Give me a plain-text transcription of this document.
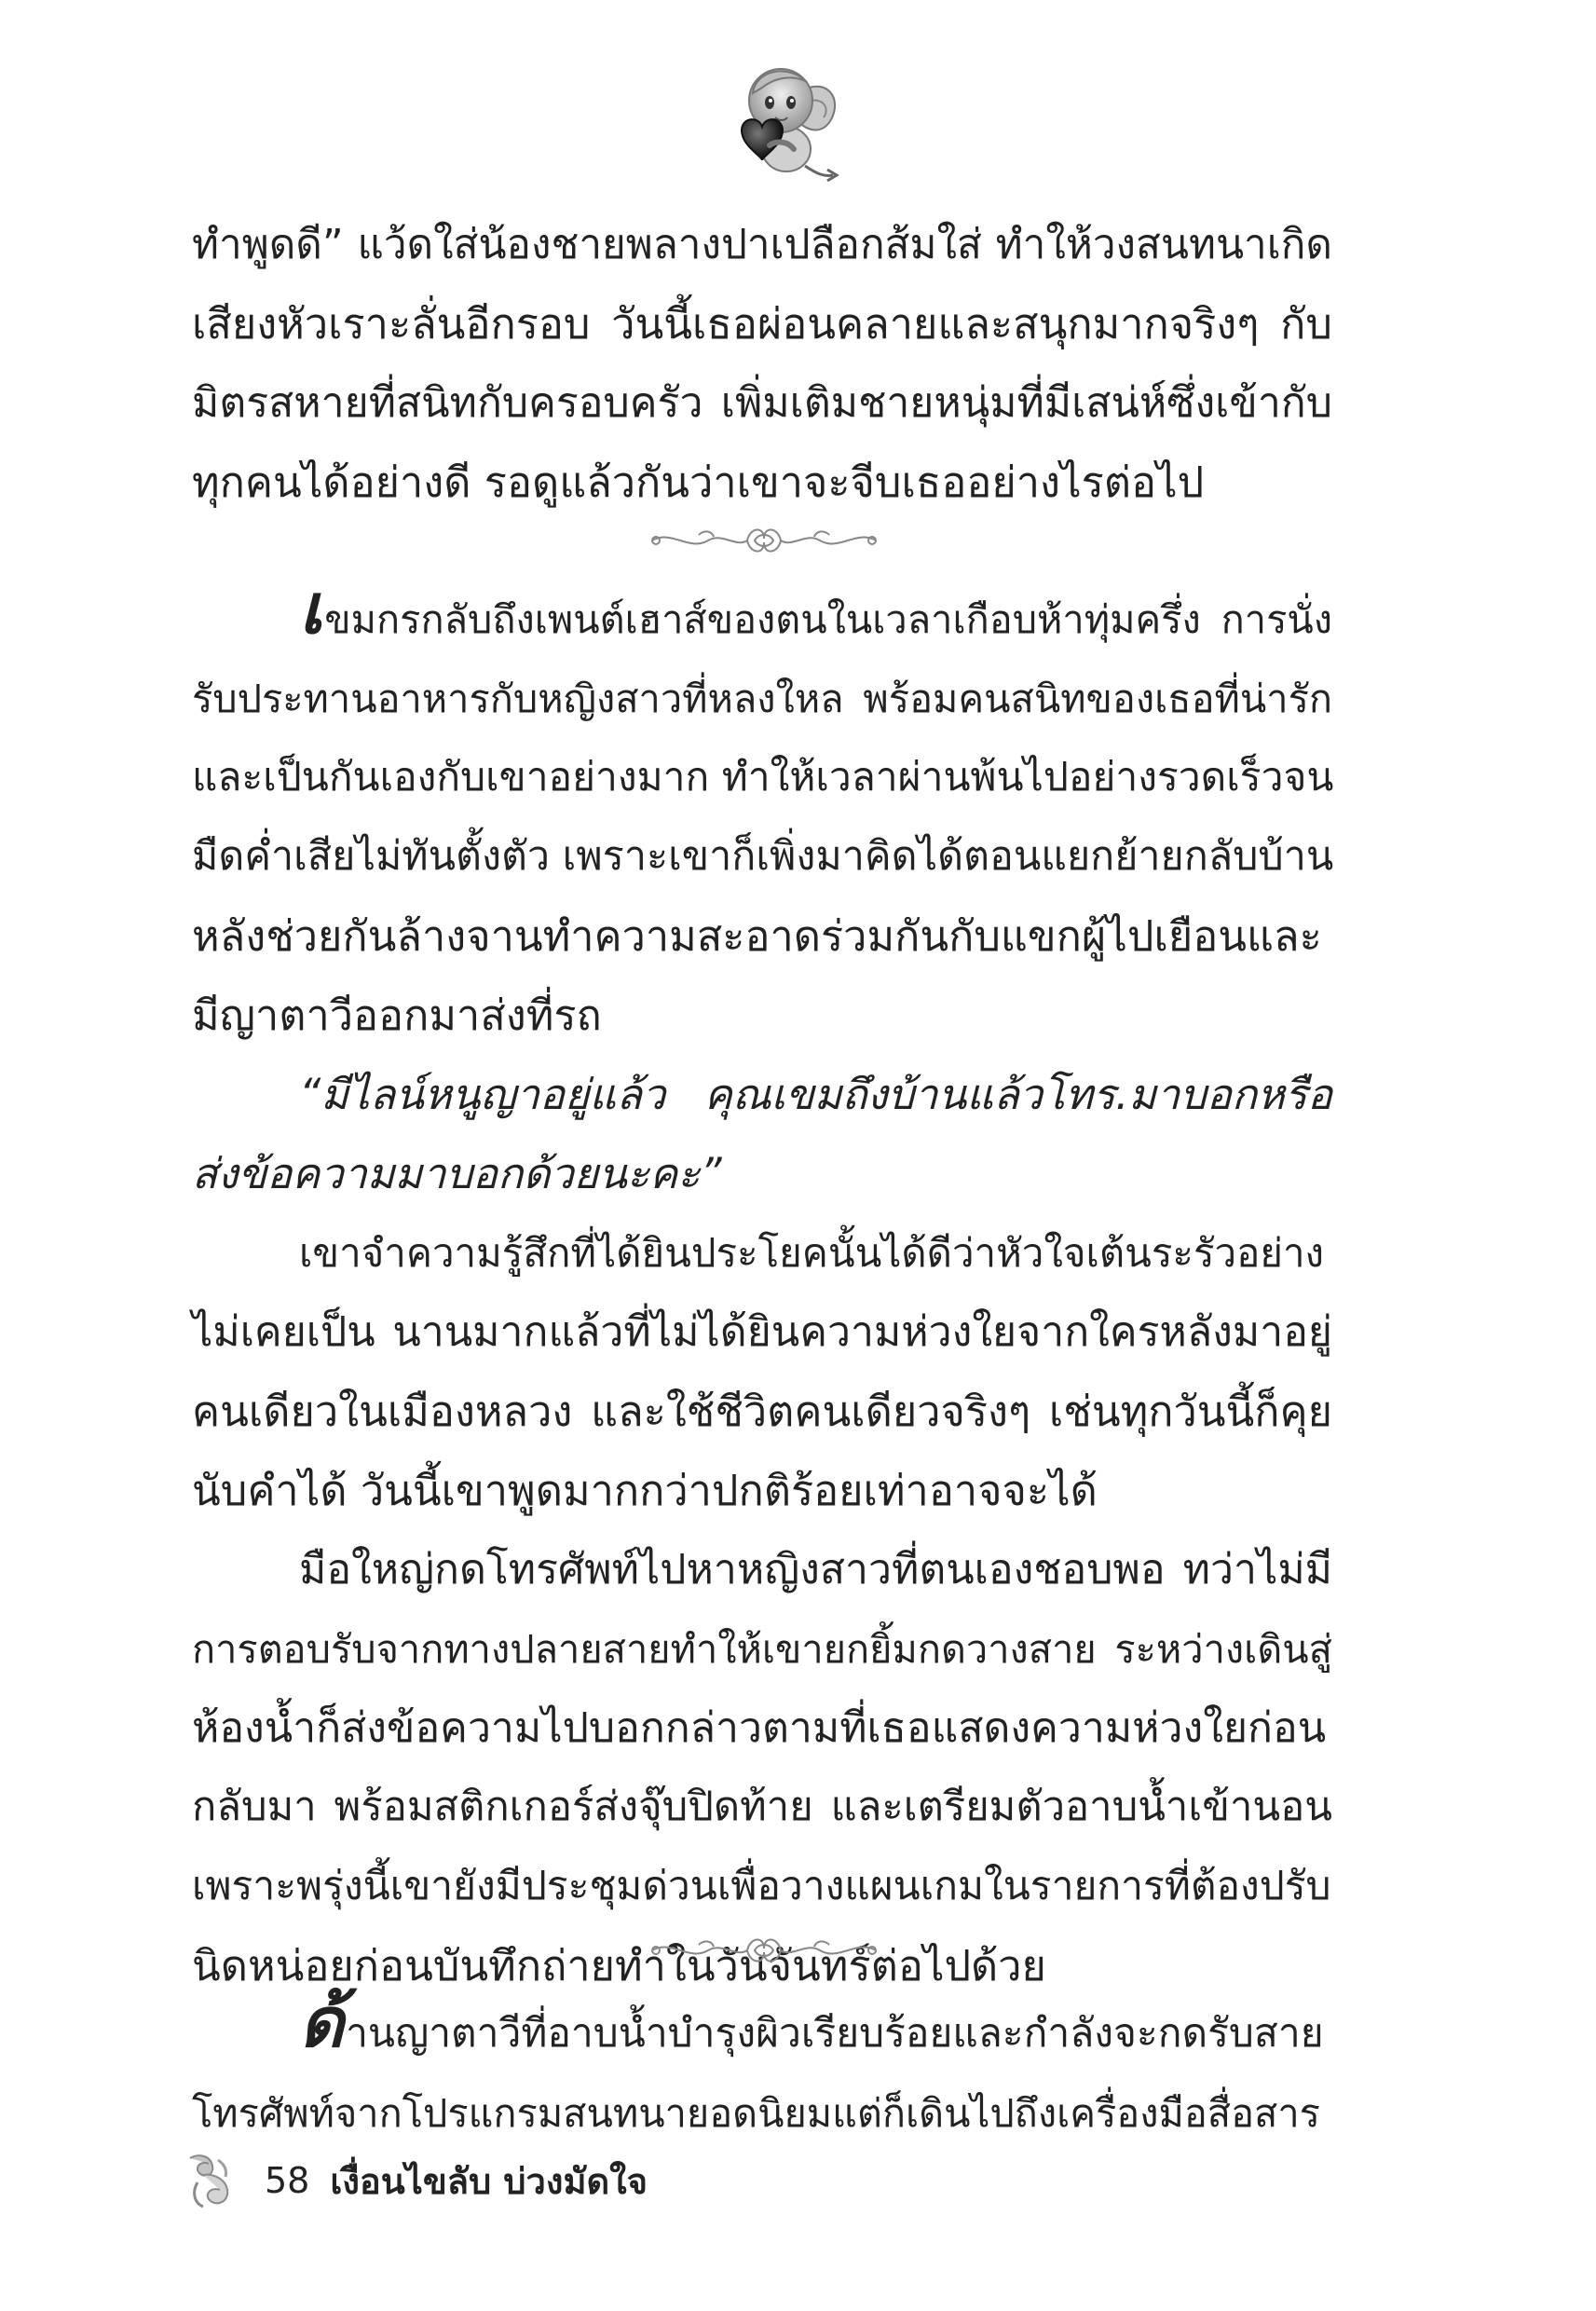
ทำพูดดี” แว้ดใส่น้องชายพลางปาเปลือกส้มใส่ ทำให้วงสนทนาเกิด
เสียงหัวเราะลั่นอีกรอบ วันนี้เธอผ่อนคลายและสนุกมากจริงๆ กับ
มิตรสหายที่สนิทกับครอบครัว เพิ่มเติมชายหนุ่มที่มีเสน่ห์ซึ่งเข้ากับ
ทุกคนได้อย่างดี รอดูแล้วกันว่าเขาจะจีบเธออย่างไรต่อไป
เขมกรกลับถึงเพนต์เฮาส์ของตนในเวลาเกือบห้าทุ่มครึ่ง การนั่ง
รับประทานอาหารกับหญิงสาวที่หลงใหล พร้อมคนสนิทของเธอที่น่ารัก
และเป็นกันเองกับเขาอย่างมาก ทำให้เวลาผ่านพ้นไปอย่างรวดเร็วจน
มืดค่ำเสียไม่ทันตั้งตัว เพราะเขาก็เพิ่งมาคิดได้ตอนแยกย้ายกลับบ้าน
หลังช่วยกันล้างจานทำความสะอาดร่วมกันกับแขกผู้ไปเยือนและ
มีญาตาวีออกมาส่งที่รถ
“มีไลน์หนูญาอยู่แล้ว คุณเขมถึงบ้านแล้วโทร.มาบอกหรือ
ส่งข้อความมาบอกด้วยนะคะ”
เขาจำความรู้สึกที่ได้ยินประโยคนั้นได้ดีว่าหัวใจเต้นระรัวอย่าง
ไม่เคยเป็น นานมากแล้วที่ไม่ได้ยินความห่วงใยจากใครหลังมาอยู่
คนเดียวในเมืองหลวง และใช้ชีวิตคนเดียวจริงๆ เช่นทุกวันนี้ก็คุย
นับคำได้ วันนี้เขาพูดมากกว่าปกติร้อยเท่าอาจจะได้
มือใหญ่กดโทรศัพท์ไปหาหญิงสาวที่ตนเองชอบพอ ทว่าไม่มี
การตอบรับจากทางปลายสายทำให้เขายกยิ้มกดวางสาย ระหว่างเดินสู่
ห้องน้ำก็ส่งข้อความไปบอกกล่าวตามที่เธอแสดงความห่วงใยก่อน
กลับมา พร้อมสติกเกอร์ส่งจุ๊บปิดท้าย และเตรียมตัวอาบน้ำเข้านอน
เพราะพรุ่งนี้เขายังมีประชุมด่วนเพื่อวางแผนเกมในรายการที่ต้องปรับ
นิดหน่อยก่อนบันทึกถ่ายทำในวันจันทร์ต่อไปด้วย
ด้านญาตาวีที่อาบน้ำบำรุงผิวเรียบร้อยและกำลังจะกดรับสาย
โทรศัพท์จากโปรแกรมสนทนายอดนิยมแต่ก็เดินไปถึงเครื่องมือสื่อสาร
58 เงื่อนไขลับ บ่วงมัดใจ
